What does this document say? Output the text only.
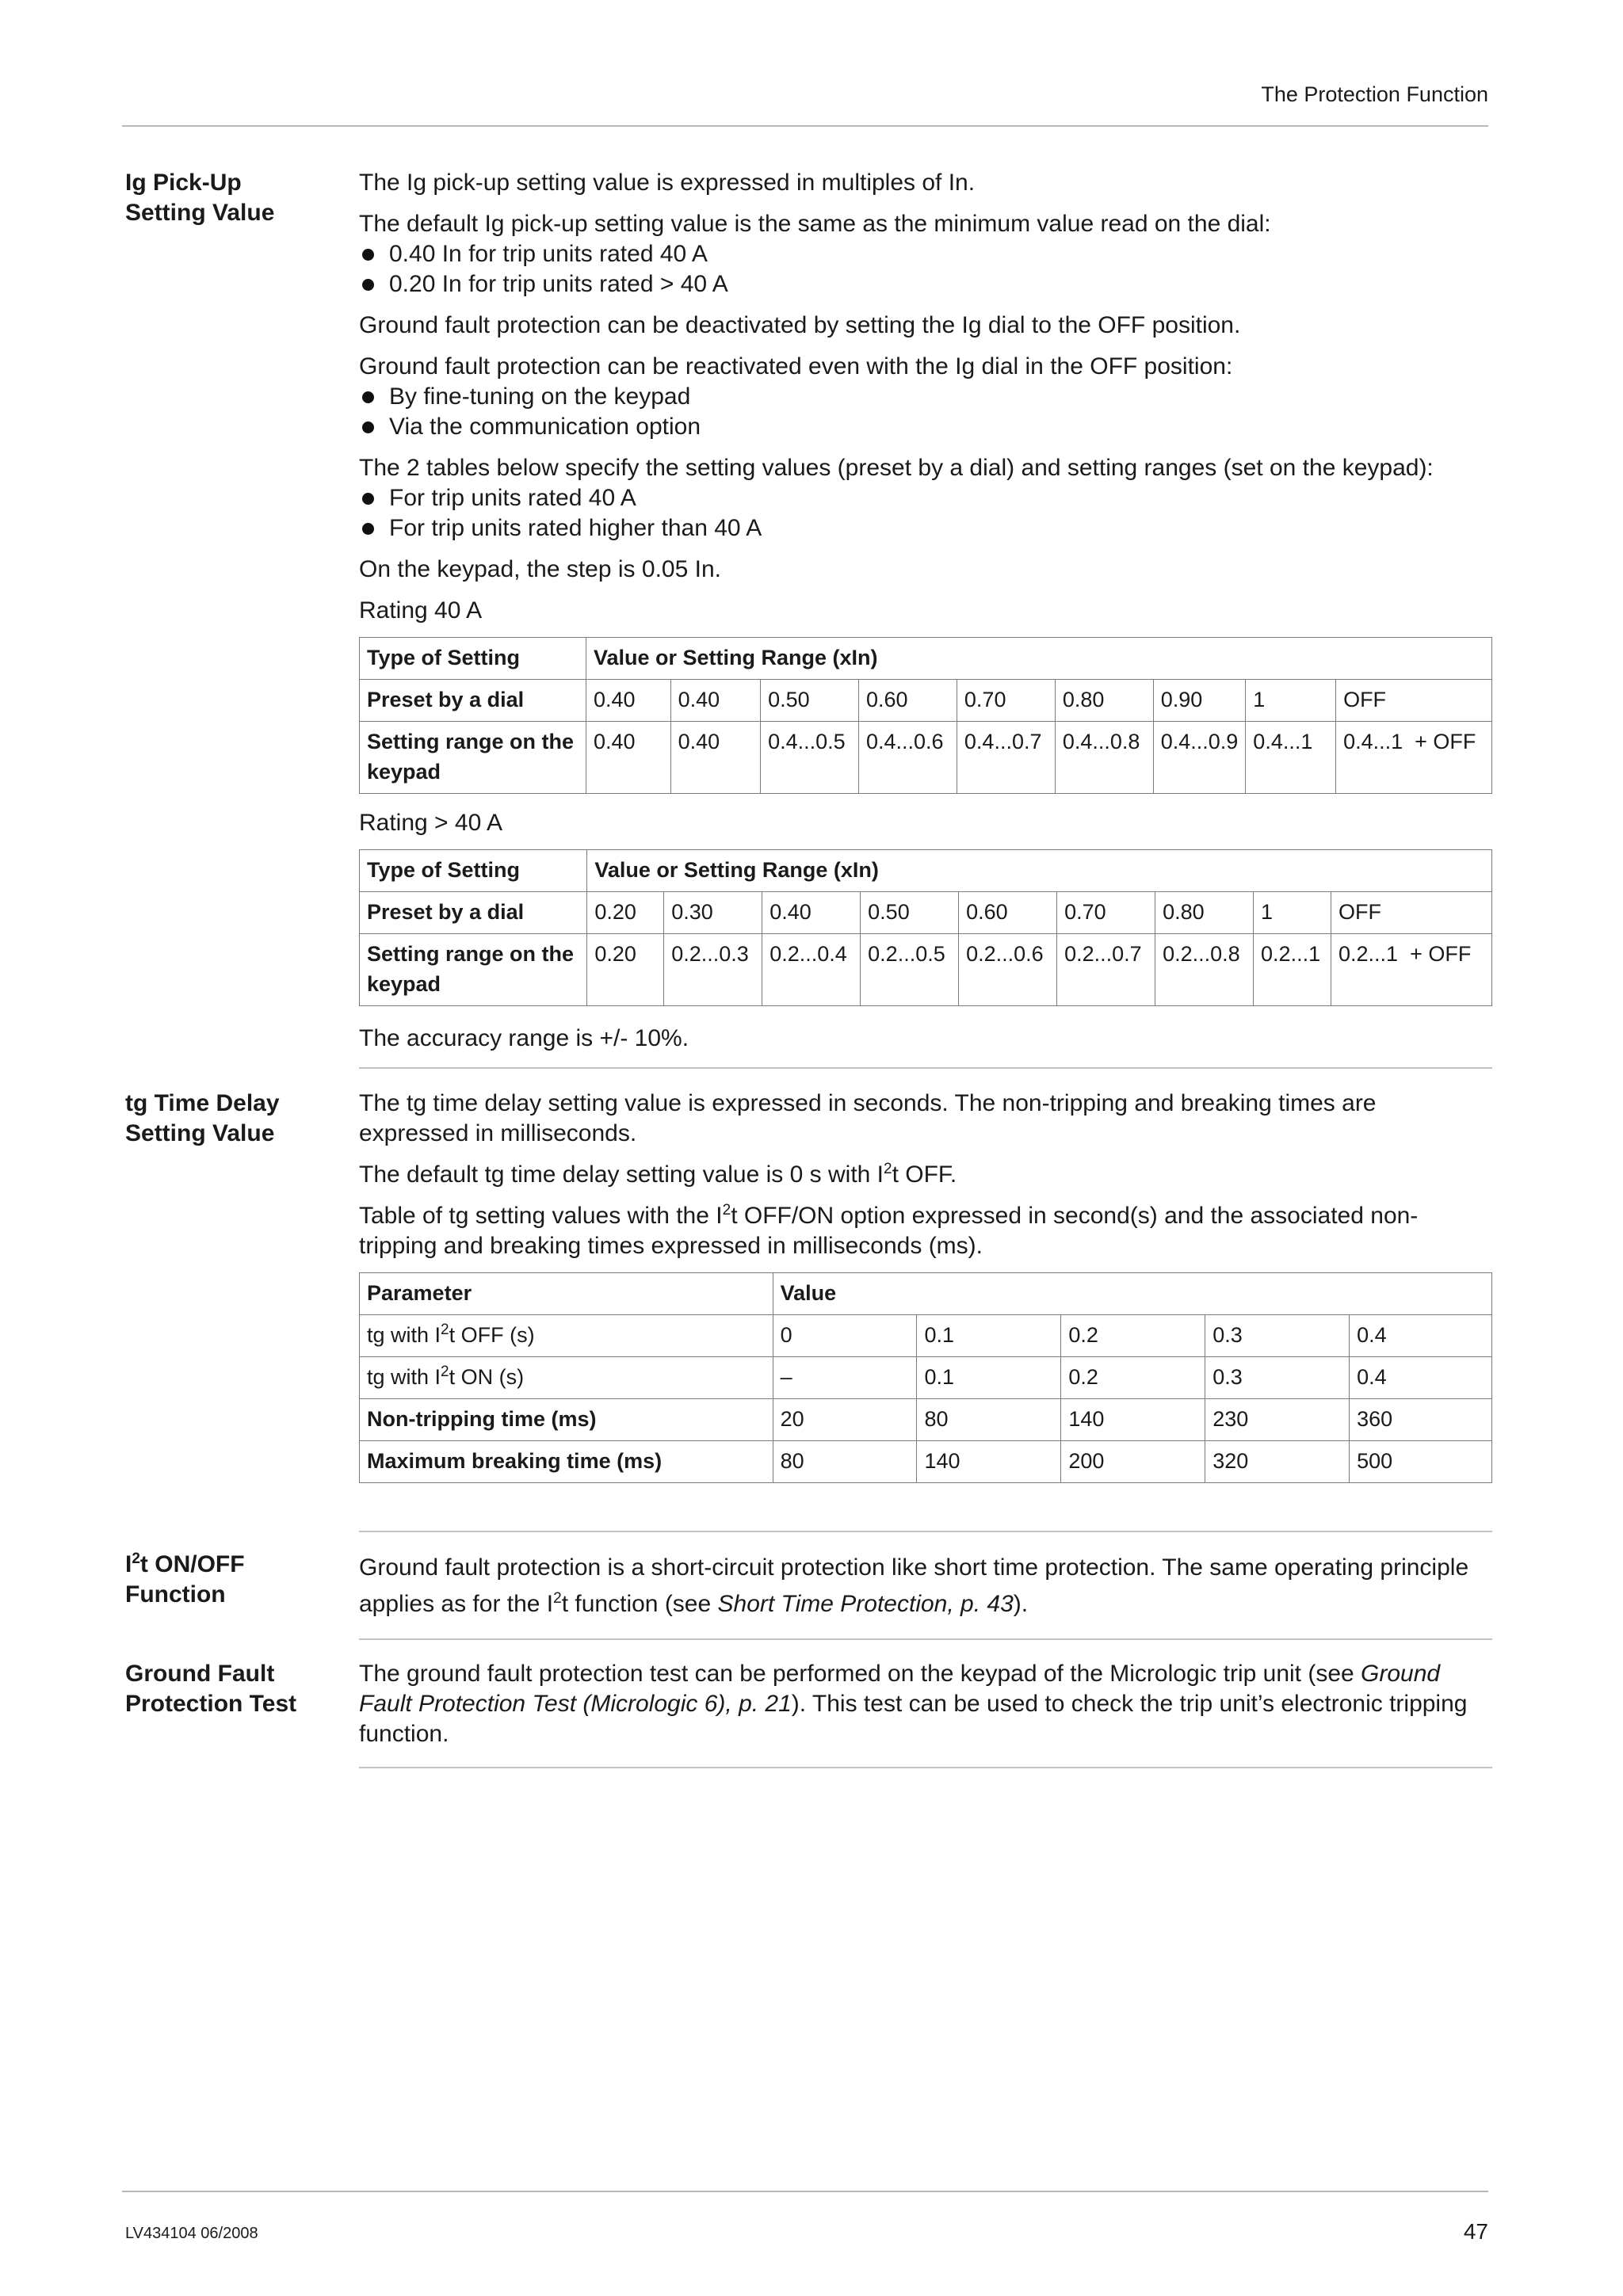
The Protection Function
Ig Pick-Up
Setting Value

The Ig pick-up setting value is expressed in multiples of In.

The default Ig pick-up setting value is the same as the minimum value read on the dial:

0.40 In for trip units rated 40 A
0.20 In for trip units rated > 40 A

Ground fault protection can be deactivated by setting the Ig dial to the OFF position.

Ground fault protection can be reactivated even with the Ig dial in the OFF position:

By fine-tuning on the keypad
Via the communication option

The 2 tables below specify the setting values (preset by a dial) and setting ranges (set on the keypad):

For trip units rated 40 A
For trip units rated higher than 40 A

On the keypad, the step is 0.05 In.

Rating 40 A

Type of Setting	Value or Setting Range (xIn)								
Preset by a dial	0.40	0.40	0.50	0.60	0.70	0.80	0.90	1	OFF
Setting range on the keypad	0.40	0.40	0.4...0.5	0.4...0.6	0.4...0.7	0.4...0.8	0.4...0.9	0.4...1	0.4...1  + OFF

Rating > 40 A

Type of Setting	Value or Setting Range (xIn)								
Preset by a dial	0.20	0.30	0.40	0.50	0.60	0.70	0.80	1	OFF
Setting range on the keypad	0.20	0.2...0.3	0.2...0.4	0.2...0.5	0.2...0.6	0.2...0.7	0.2...0.8	0.2...1	0.2...1  + OFF

The accuracy range is +/- 10%.

tg Time Delay
Setting Value

The tg time delay setting value is expressed in seconds. The non-tripping and breaking times are expressed in milliseconds.

The default tg time delay setting value is 0 s with $I^2t$ OFF.

Table of tg setting values with the $I^2t$ OFF/ON option expressed in second(s) and the associated non-tripping and breaking times expressed in milliseconds (ms).

Parameter	Value				
tg with $I^2t$ OFF (s)	0	0.1	0.2	0.3	0.4
tg with $I^2t$ ON (s)	–	0.1	0.2	0.3	0.4
Non-tripping time (ms)	20	80	140	230	360
Maximum breaking time (ms)	80	140	200	320	500
$I^2t$ ON/OFF
Function

Ground fault protection is a short-circuit protection like short time protection. The same operating principle applies as for the $I^2t$ function (see Short Time Protection, p. 43).

Ground Fault
Protection Test

The ground fault protection test can be performed on the keypad of the Micrologic trip unit (see Ground Fault Protection Test (Micrologic 6), p. 21). This test can be used to check the trip unit’s electronic tripping function.

LV434104 06/2008	47
